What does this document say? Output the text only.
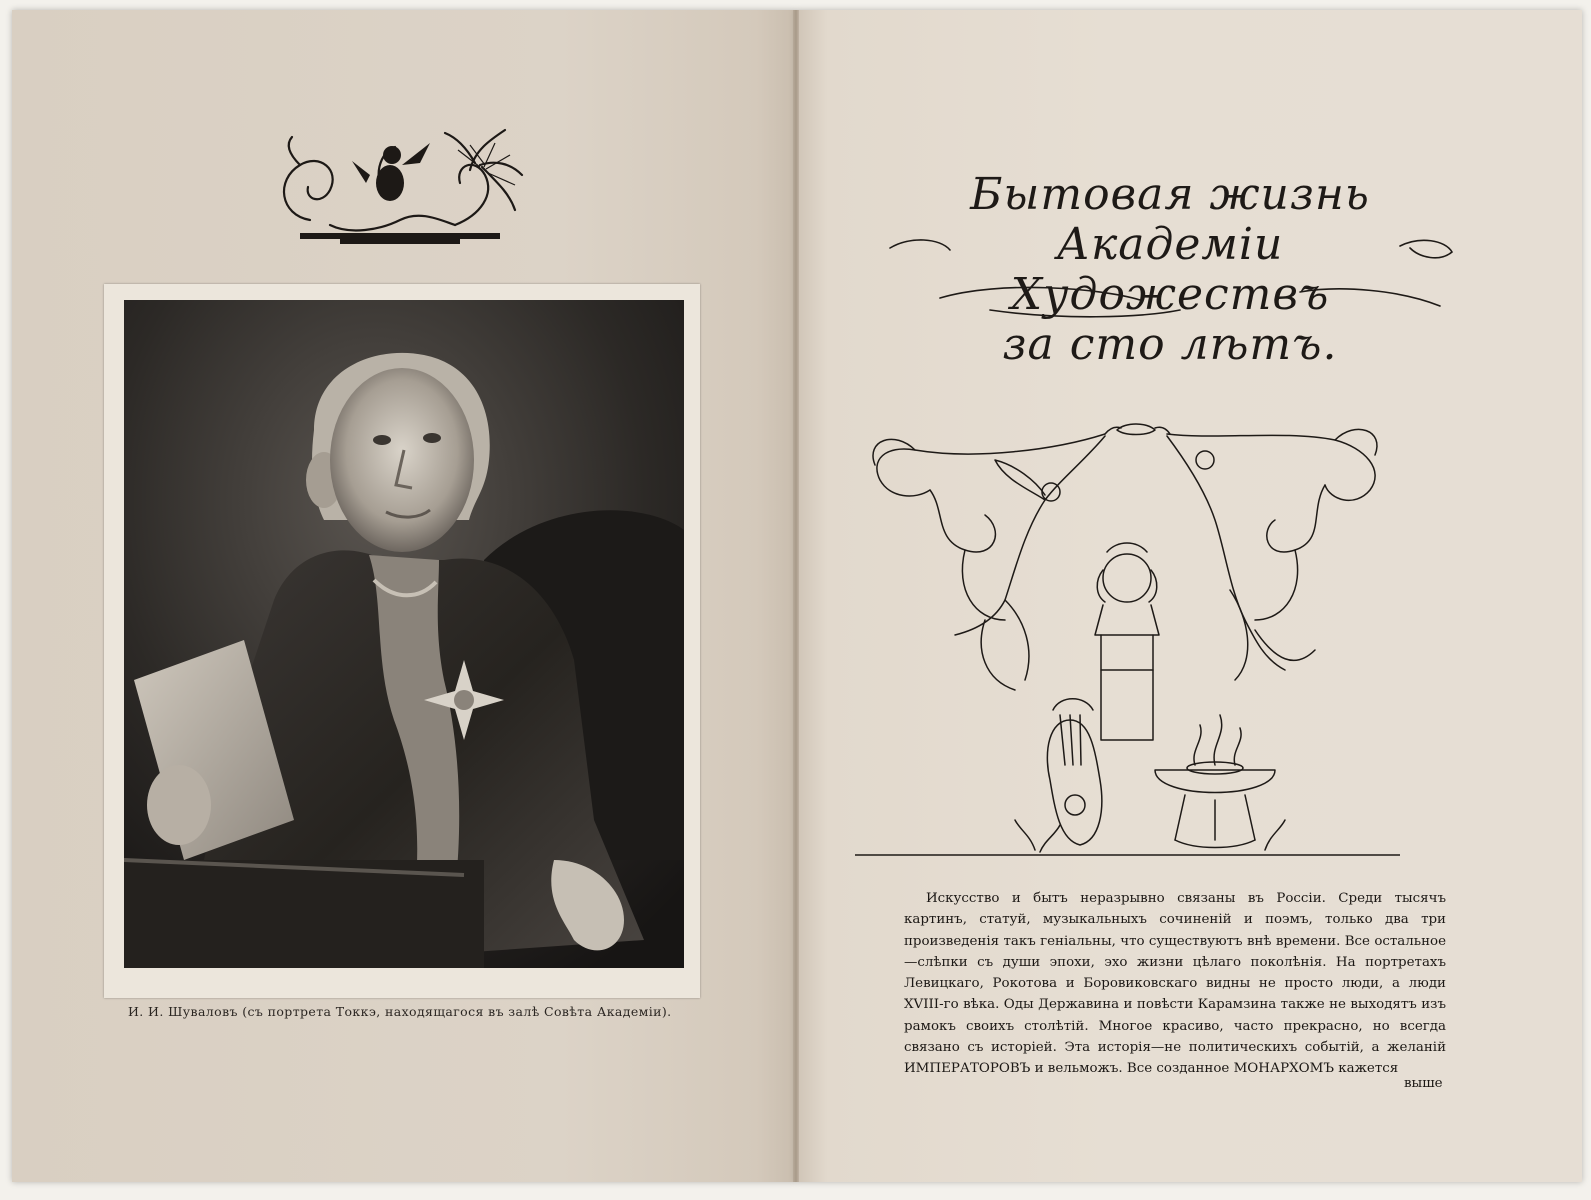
И. И. Шуваловъ (съ портрета Токкэ, находящагося въ залѣ Совѣта Академіи).
Бытовая жизнь
Академіи Художествъ
за сто лѣтъ.

Искусство и бытъ неразрывно связаны въ Россіи. Среди тысячъ картинъ, статуй, музыкальныхъ сочиненій и поэмъ, только два три произведенія такъ геніальны, что существуютъ внѣ времени. Все остальное—слѣпки съ души эпохи, эхо жизни цѣлаго поколѣнія. На портретахъ Левицкаго, Рокотова и Боровиковскаго видны не просто люди, а люди XVIII-го вѣка. Оды Державина и повѣсти Карамзина также не выходятъ изъ рамокъ своихъ столѣтій. Многое красиво, часто прекрасно, но всегда связано съ исторіей. Эта исторія—не политическихъ событій, а желаній ИМПЕРАТОРОВЪ и вельможъ. Все созданное МОНАРХОМЪ кажется

выше
